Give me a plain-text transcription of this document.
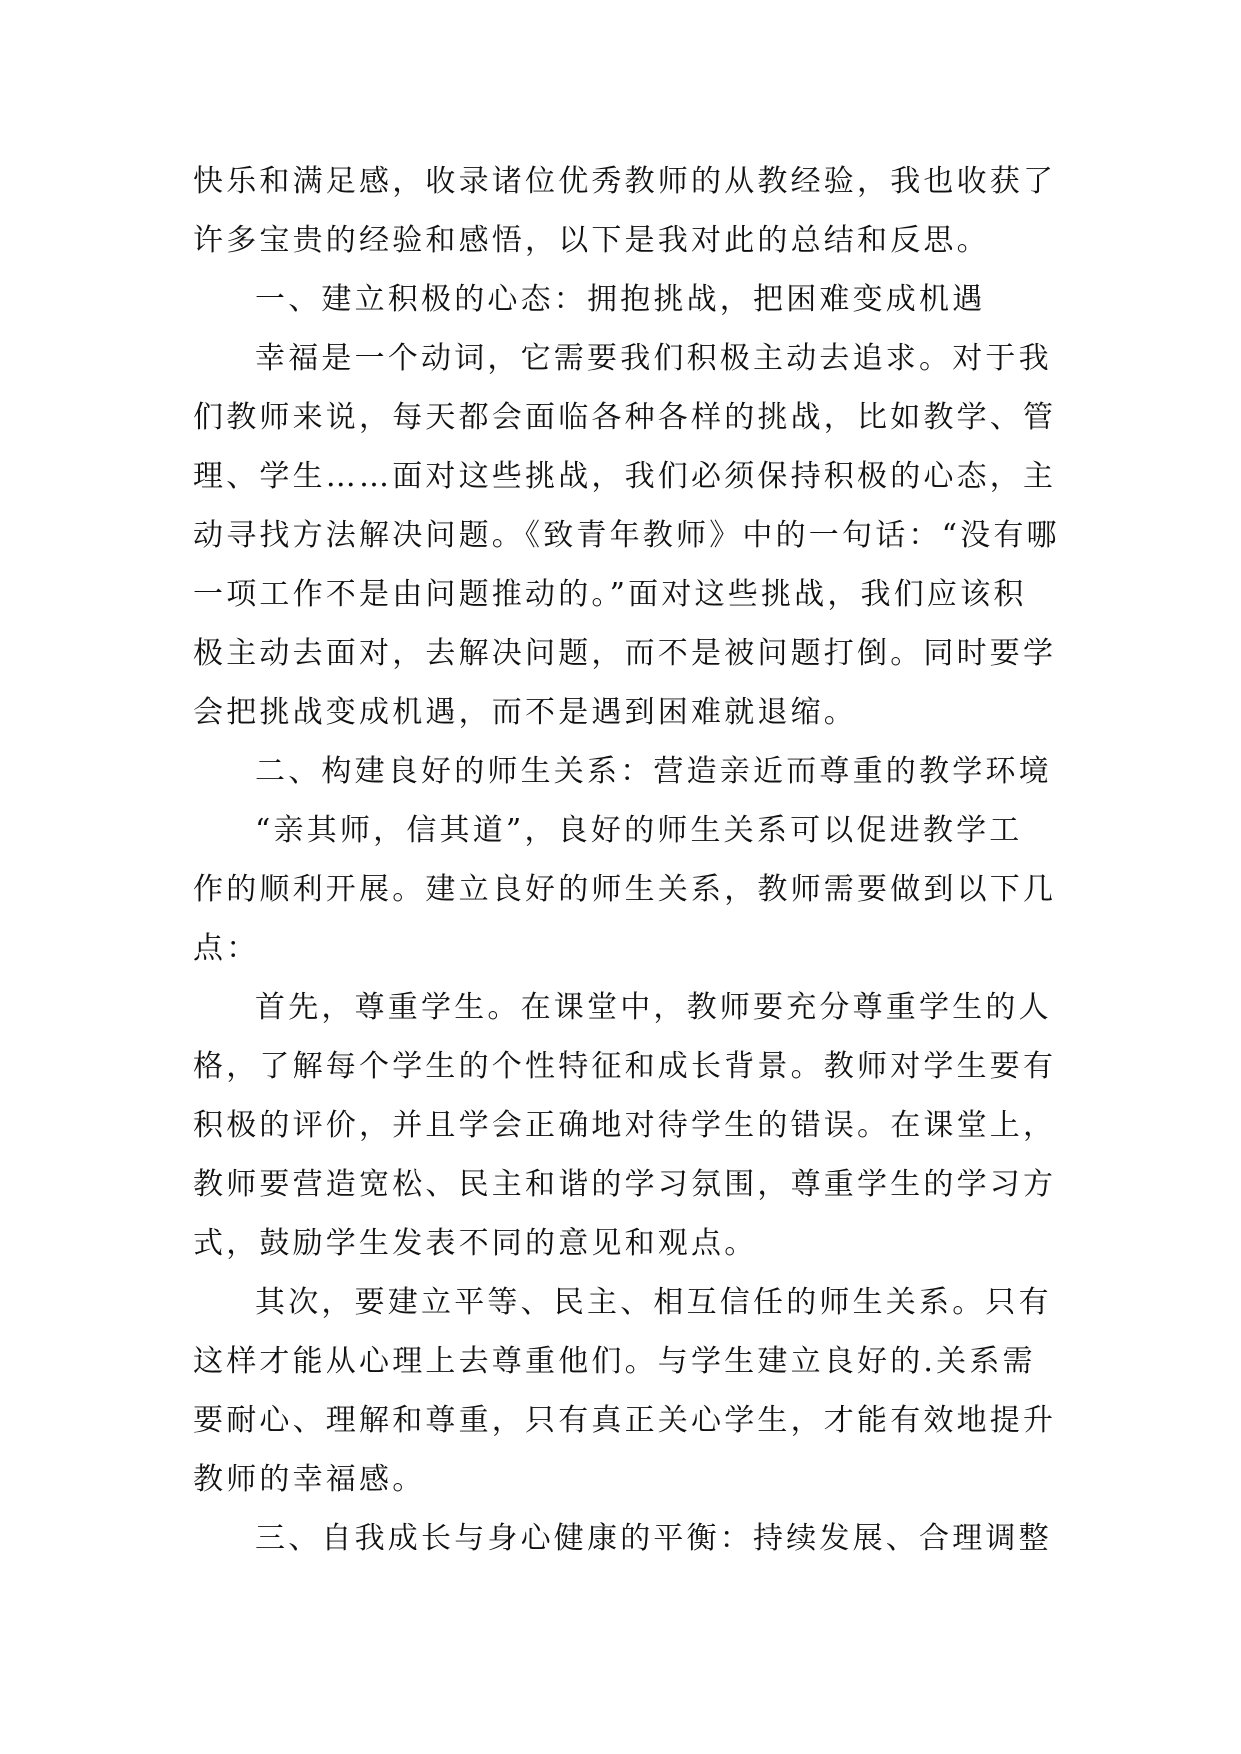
快乐和满足感，收录诸位优秀教师的从教经验，我也收获了
许多宝贵的经验和感悟，以下是我对此的总结和反思。
一、建立积极的心态：拥抱挑战，把困难变成机遇
幸福是一个动词，它需要我们积极主动去追求。对于我
们教师来说，每天都会面临各种各样的挑战，比如教学、管
理、学生……面对这些挑战，我们必须保持积极的心态，主
动寻找方法解决问题。《致青年教师》中的一句话：“没有哪
一项工作不是由问题推动的。”面对这些挑战，我们应该积
极主动去面对，去解决问题，而不是被问题打倒。同时要学
会把挑战变成机遇，而不是遇到困难就退缩。
二、构建良好的师生关系：营造亲近而尊重的教学环境
“亲其师，信其道”，良好的师生关系可以促进教学工
作的顺利开展。建立良好的师生关系，教师需要做到以下几
点：
首先，尊重学生。在课堂中，教师要充分尊重学生的人
格，了解每个学生的个性特征和成长背景。教师对学生要有
积极的评价，并且学会正确地对待学生的错误。在课堂上，
教师要营造宽松、民主和谐的学习氛围，尊重学生的学习方
式，鼓励学生发表不同的意见和观点。
其次，要建立平等、民主、相互信任的师生关系。只有
这样才能从心理上去尊重他们。与学生建立良好的.关系需
要耐心、理解和尊重，只有真正关心学生，才能有效地提升
教师的幸福感。
三、自我成长与身心健康的平衡：持续发展、合理调整
